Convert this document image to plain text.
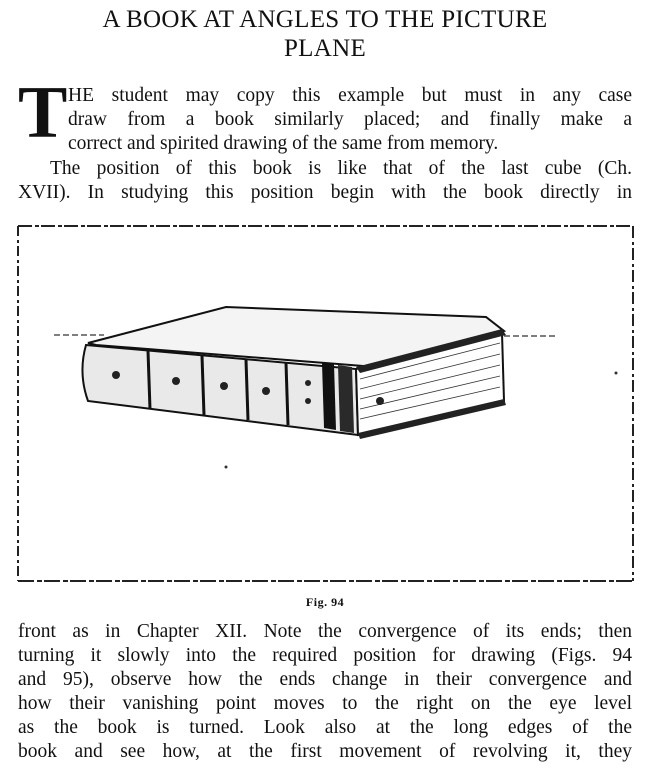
A BOOK AT ANGLES TO THE PICTURE
PLANE
T HE student may copy this example but must in any case
draw from a book similarly placed; and finally make a
correct and spirited drawing of the same from memory.
The position of this book is like that of the last cube (Ch.
XVII). In studying this position begin with the book directly in
Fig. 94
front as in Chapter XII. Note the convergence of its ends; then
turning it slowly into the required position for drawing (Figs. 94
and 95), observe how the ends change in their convergence and
how their vanishing point moves to the right on the eye level
as the book is turned. Look also at the long edges of the
book and see how, at the first movement of revolving it, they
